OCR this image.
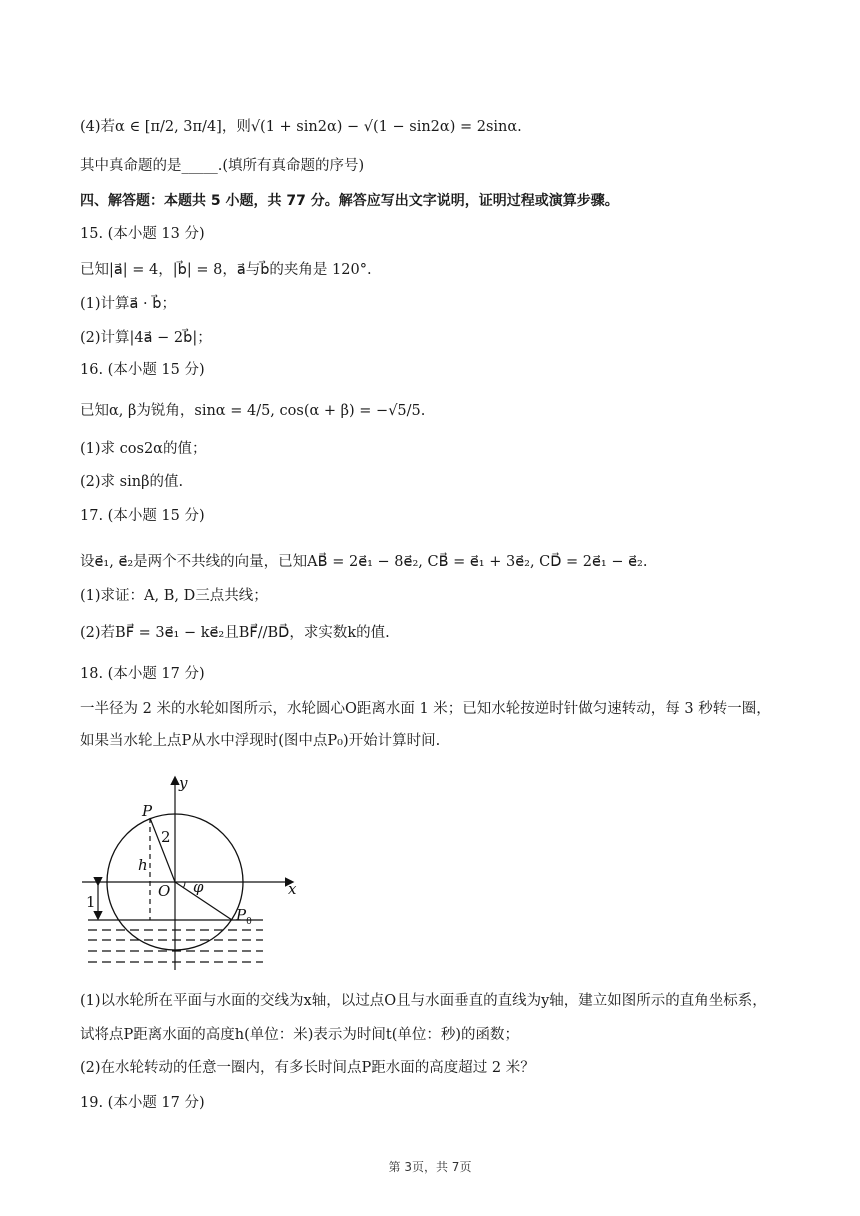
(4)若α ∈ [π/2, 3π/4]，则√(1 + sin2α) − √(1 − sin2α) = 2sinα.
其中真命题的是_____.(填所有真命题的序号)
四、解答题：本题共 5 小题，共 77 分。解答应写出文字说明，证明过程或演算步骤。
15. (本小题 13 分)
已知|a⃗| = 4，|b⃗| = 8，a⃗与b⃗的夹角是 120°.
(1)计算a⃗ · b⃗；
(2)计算|4a⃗ − 2b⃗|；
16. (本小题 15 分)
已知α, β为锐角，sinα = 4/5, cos(α + β) = −√5/5.
(1)求 cos2α的值；
(2)求 sinβ的值.
17. (本小题 15 分)
设e⃗₁, e⃗₂是两个不共线的向量，已知AB⃗ = 2e⃗₁ − 8e⃗₂, CB⃗ = e⃗₁ + 3e⃗₂, CD⃗ = 2e⃗₁ − e⃗₂.
(1)求证：A, B, D三点共线；
(2)若BF⃗ = 3e⃗₁ − ke⃗₂且BF⃗//BD⃗，求实数k的值.
18. (本小题 17 分)
一半径为 2 米的水轮如图所示，水轮圆心O距离水面 1 米；已知水轮按逆时针做匀速转动，每 3 秒转一圈，
如果当水轮上点P从水中浮现时(图中点P₀)开始计算时间.
y
x
P
2
h
O φ
$P_0$
1
(1)以水轮所在平面与水面的交线为x轴，以过点O且与水面垂直的直线为y轴，建立如图所示的直角坐标系，
试将点P距离水面的高度h(单位：米)表示为时间t(单位：秒)的函数；
(2)在水轮转动的任意一圈内，有多长时间点P距水面的高度超过 2 米？
19. (本小题 17 分)
第 3页，共 7页
